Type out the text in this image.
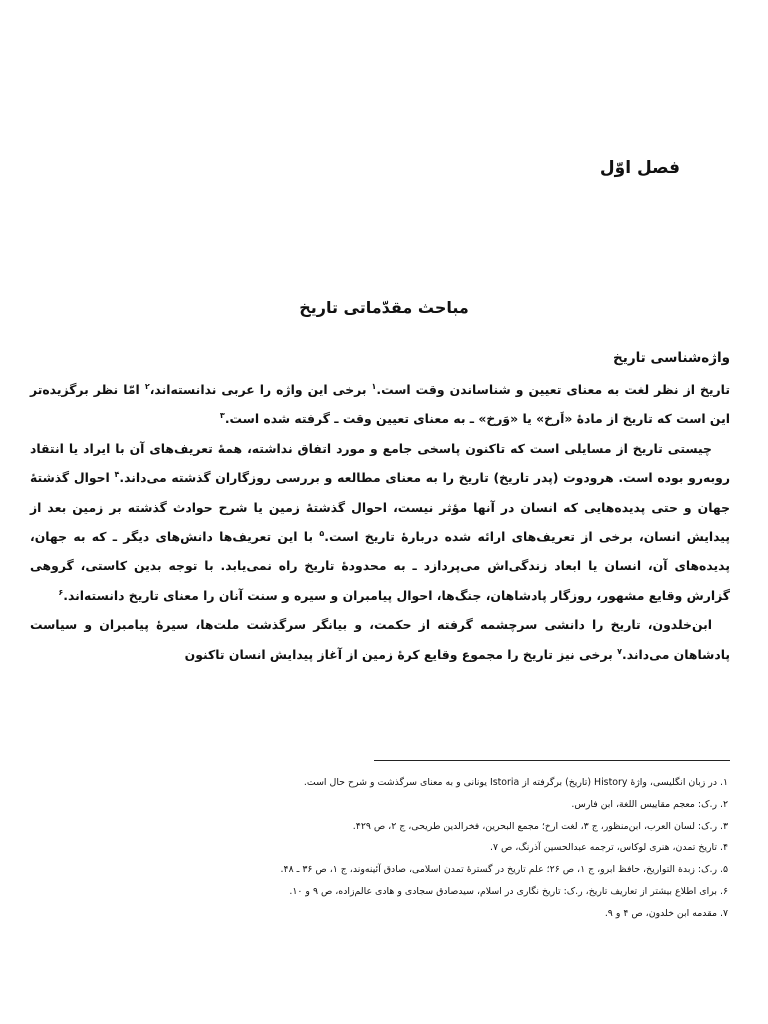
فصل اوّل
مباحث مقدّماتی تاریخ
واژه‌شناسی تاریخ

تاریخ از نظر لغت به معنای تعیین و شناساندن وقت است.$^۱$ برخی این واژه را عربی ندانسته‌اند،$^۲$ امّا نظر برگزیده‌تر این است که تاریخ از مادهٔ «اَرخ» یا «وَرخ» ـ به معنای تعیین وقت ـ گرفته شده است.$^۳$

چیستی تاریخ از مسایلی است که تاکنون پاسخی جامع و مورد اتفاق نداشته، همهٔ تعریف‌های آن با ایراد یا انتقاد روبه‌رو بوده است. هرودوت (پدر تاریخ) تاریخ را به معنای مطالعه و بررسی روزگاران گذشته می‌داند.$^۴$ احوال گذشتهٔ جهان و حتی پدیده‌هایی که انسان در آنها مؤثر نیست، احوال گذشتهٔ زمین یا شرح حوادث گذشته بر زمین بعد از پیدایش انسان، برخی از تعریف‌های ارائه شده دربارهٔ تاریخ است.$^۵$ با این تعریف‌ها دانش‌های دیگر ـ که به جهان، پدیده‌های آن، انسان یا ابعاد زندگی‌اش می‌پردازد ـ به محدودهٔ تاریخ راه نمی‌یابد. با توجه بدین کاستی، گروهی گزارش وقایع مشهور، روزگار پادشاهان، جنگ‌ها، احوال پیامبران و سیره و سنت آنان را معنای تاریخ دانسته‌اند.$^۶$

ابن‌خلدون، تاریخ را دانشی سرچشمه گرفته از حکمت، و بیانگر سرگذشت ملت‌ها، سیرهٔ پیامبران و سیاست پادشاهان می‌داند.$^۷$ برخی نیز تاریخ را مجموع وقایع کرهٔ زمین از آغاز پیدایش انسان تاکنون

۱. در زبان انگلیسی، واژهٔ History (تاریخ) برگرفته از Istoria یونانی و به معنای سرگذشت و شرح حال است.
۲. ر.ک: معجم مقاییس اللغة، ابن فارس.
۳. ر.ک: لسان العرب، ابن‌منظور، ج ۳، لغت ارخ؛ مجمع البحرین، فخرالدین طریحی، ج ۲، ص ۴۲۹.
۴. تاریخ تمدن، هنری لوکاس، ترجمه عبدالحسین آذرنگ، ص ۷.
۵. ر.ک: زبدة التواریخ، حافظ ابرو، ج ۱، ص ۲۶؛ علم تاریخ در گسترهٔ تمدن اسلامی، صادق آئینه‌وند، ج ۱، ص ۳۶ ـ ۴۸.
۶. برای اطلاع بیشتر از تعاریف تاریخ، ر.ک: تاریخ نگاری در اسلام، سیدصادق سجادی و هادی عالم‌زاده، ص ۹ و ۱۰.
۷. مقدمه ابن خلدون، ص ۴ و ۹.
